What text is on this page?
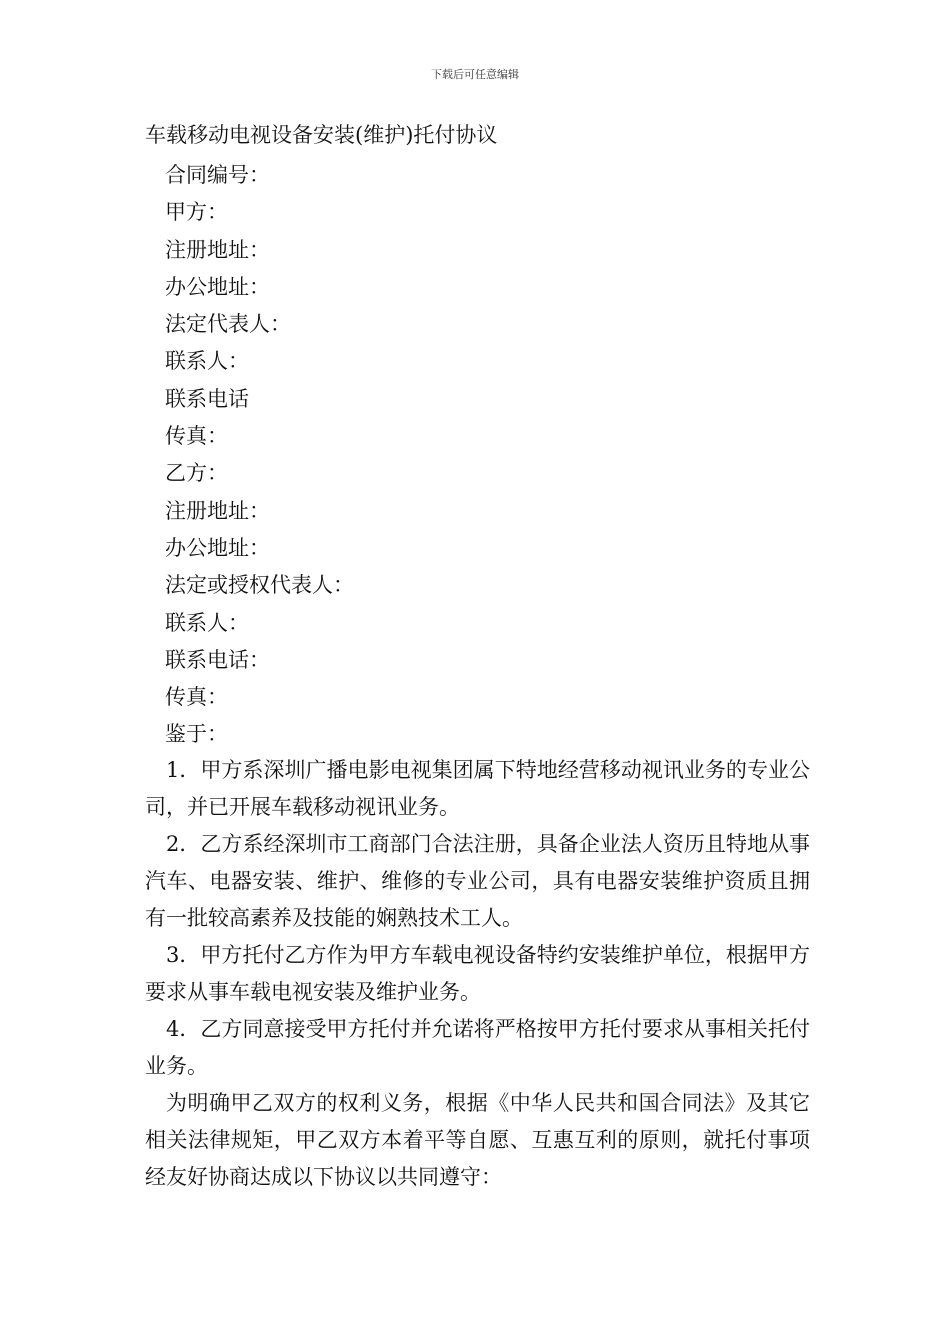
下载后可任意编辑
车载移动电视设备安装(维护)托付协议
合同编号：
甲方：
注册地址：
办公地址：
法定代表人：
联系人：
联系电话
传真：
乙方：
注册地址：
办公地址：
法定或授权代表人：
联系人：
联系电话：
传真：
鉴于：

1．甲方系深圳广播电影电视集团属下特地经营移动视讯业务的专业公司，并已开展车载移动视讯业务。

2．乙方系经深圳市工商部门合法注册，具备企业法人资历且特地从事汽车、电器安装、维护、维修的专业公司，具有电器安装维护资质且拥有一批较高素养及技能的娴熟技术工人。

3．甲方托付乙方作为甲方车载电视设备特约安装维护单位，根据甲方要求从事车载电视安装及维护业务。

4．乙方同意接受甲方托付并允诺将严格按甲方托付要求从事相关托付业务。

为明确甲乙双方的权利义务，根据《中华人民共和国合同法》及其它相关法律规矩，甲乙双方本着平等自愿、互惠互利的原则，就托付事项经友好协商达成以下协议以共同遵守：
